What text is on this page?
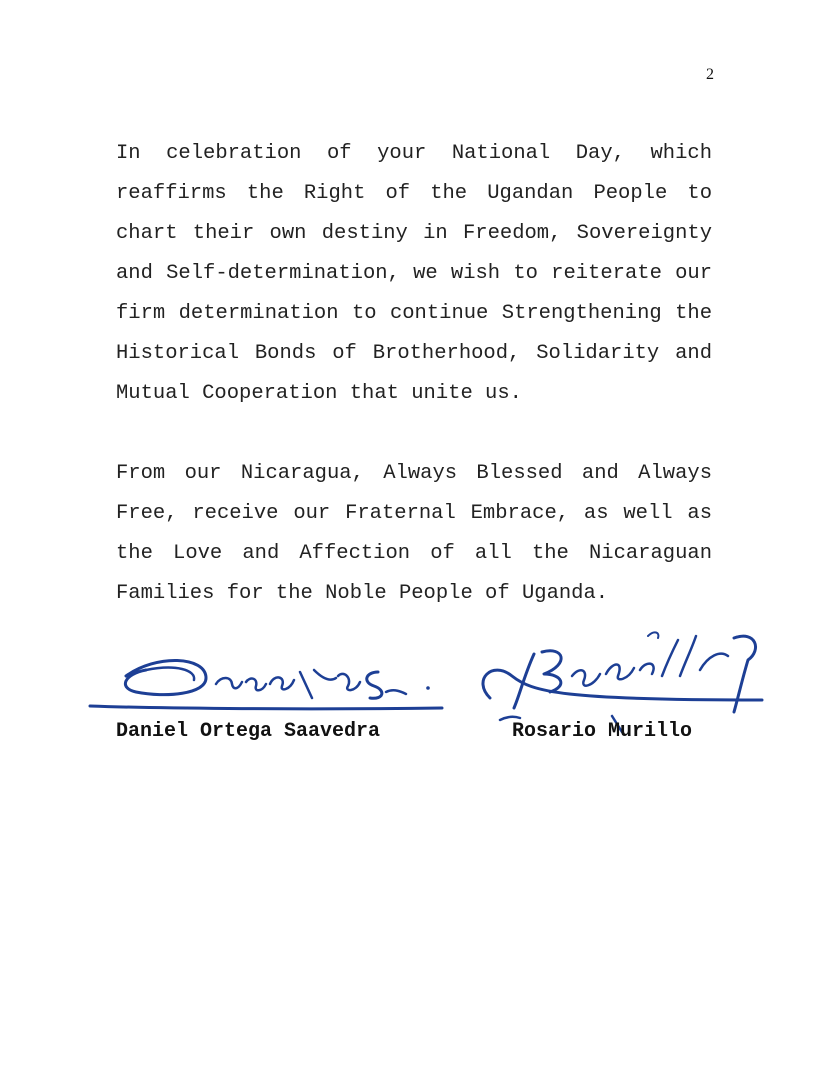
2

In celebration of your National Day, which reaffirms the Right of the Ugandan People to chart their own destiny in Freedom, Sovereignty and Self-determination, we wish to reiterate our firm determination to continue Strengthening the Historical Bonds of Brotherhood, Solidarity and Mutual Cooperation that unite us.

From our Nicaragua, Always Blessed and Always Free, receive our Fraternal Embrace, as well as the Love and Affection of all the Nicaraguan Families for the Noble People of Uganda.

Daniel Ortega Saavedra	Rosario Murillo
